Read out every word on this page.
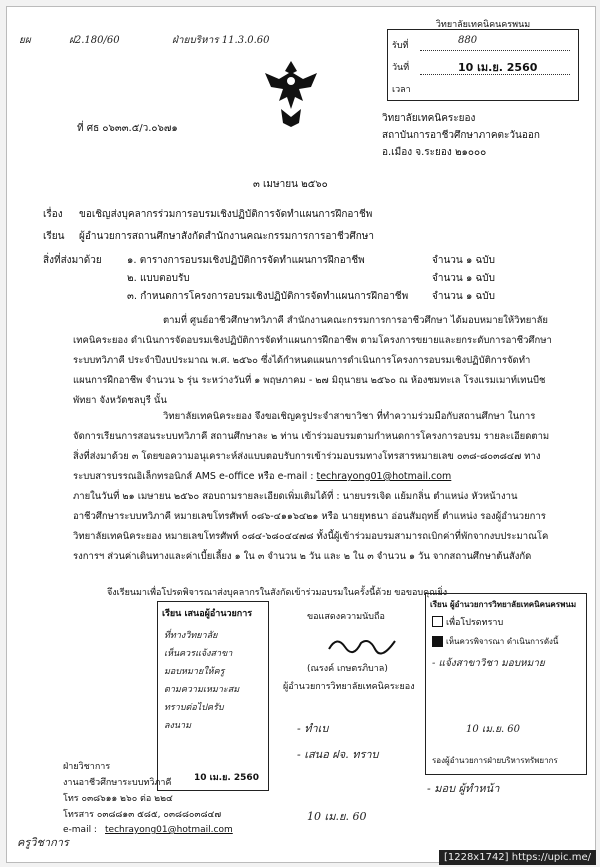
ยผ	ฝ2.180/60	ฝ่ายบริหาร 11.3.0.60
วิทยาลัยเทคนิคนครพนม
รับที่	880
วันที่	10 เม.ย. 2560
เวลา
ที่ ศธ ๐๖๓๓.๕/ว.๐๖๗๑
วิทยาลัยเทคนิคระยอง
สถาบันการอาชีวศึกษาภาคตะวันออก
อ.เมือง จ.ระยอง ๒๑๐๐๐
๓ เมษายน ๒๕๖๐
เรื่อง ขอเชิญส่งบุคลากรร่วมการอบรมเชิงปฏิบัติการจัดทำแผนการฝึกอาชีพ
เรียน ผู้อำนวยการสถานศึกษาสังกัดสำนักงานคณะกรรมการการอาชีวศึกษา
สิ่งที่ส่งมาด้วย	๑. ตารางการอบรมเชิงปฏิบัติการจัดทำแผนการฝึกอาชีพ	จำนวน ๑ ฉบับ
๒. แบบตอบรับ	จำนวน ๑ ฉบับ
๓. กำหนดการโครงการอบรมเชิงปฏิบัติการจัดทำแผนการฝึกอาชีพ จำนวน ๑ ฉบับ
ตามที่ ศูนย์อาชีวศึกษาทวิภาคี สำนักงานคณะกรรมการการอาชีวศึกษา ได้มอบหมายให้วิทยาลัยเทคนิคระยอง ดำเนินการจัดอบรมเชิงปฏิบัติการจัดทำแผนการฝึกอาชีพ ตามโครงการขยายและยกระดับการอาชีวศึกษาระบบทวิภาคี ประจำปีงบประมาณ พ.ศ. ๒๕๖๐ ซึ่งได้กำหนดแผนการดำเนินการโครงการอบรมเชิงปฏิบัติการจัดทำแผนการฝึกอาชีพ จำนวน ๖ รุ่น ระหว่างวันที่ ๑ พฤษภาคม - ๒๗ มิถุนายน ๒๕๖๐ ณ ห้องชมทะเล โรงแรมเมาท์เทนบีช พัทยา จังหวัดชลบุรี นั้น
วิทยาลัยเทคนิคระยอง จึงขอเชิญครูประจำสาขาวิชา ที่ทำความร่วมมือกับสถานศึกษา ในการจัดการเรียนการสอนระบบทวิภาคี สถานศึกษาละ ๒ ท่าน เข้าร่วมอบรมตามกำหนดการโครงการอบรม รายละเอียดตามสิ่งที่ส่งมาด้วย ๓ โดยขอความอนุเคราะห์ส่งแบบตอบรับการเข้าร่วมอบรมทางโทรสารหมายเลข ๐๓๘-๘๐๓๘๔๗ ทางระบบสารบรรณอิเล็กทรอนิกส์ AMS e-office หรือ e-mail : techrayong01@hotmail.com
ภายในวันที่ ๒๑ เมษายน ๒๕๖๐ สอบถามรายละเอียดเพิ่มเติมได้ที่ : นายบรรเจิด แย้มกลิ่น ตำแหน่ง หัวหน้างานอาชีวศึกษาระบบทวิภาคี หมายเลขโทรศัพท์ ๐๘๖-๔๑๑๖๔๒๑ หรือ นายยุทธนา อ่อนสัมฤทธิ์ ตำแหน่ง รองผู้อำนวยการวิทยาลัยเทคนิคระยอง หมายเลขโทรศัพท์ ๐๘๔-๖๘๐๔๔๗๘ ทั้งนี้ผู้เข้าร่วมอบรมสามารถเบิกค่าที่พักจากงบประมาณโครงการฯ ส่วนค่าเดินทางและค่าเบี้ยเลี้ยง ๑ ใน ๓ จำนวน ๒ วัน และ ๒ ใน ๓ จำนวน ๑ วัน จากสถานศึกษาต้นสังกัด
จึงเรียนมาเพื่อโปรดพิจารณาส่งบุคลากรในสังกัดเข้าร่วมอบรมในครั้งนี้ด้วย ขอขอบคุณยิ่ง
เรียน เสนอผู้อำนวยการ
ที่ทางวิทยาลัย
เห็นควรแจ้งสาขา
มอบหมายให้ครู
ตามความเหมาะสม
ทราบต่อไปครับ
ลงนาม
10 เม.ย. 2560
ขอแสดงความนับถือ
(ณรงค์ เกษตรภิบาล)
ผู้อำนวยการวิทยาลัยเทคนิคระยอง
เรียน ผู้อำนวยการวิทยาลัยเทคนิคนครพนม
เพื่อโปรดทราบ
เห็นควรพิจารณา ดำเนินการดังนี้
- แจ้งสาขาวิชา มอบหมาย
10 เม.ย. 60
รองผู้อำนวยการฝ่ายบริหารทรัพยากร
ฝ่ายวิชาการ
งานอาชีวศึกษาระบบทวิภาคี
โทร ๐๓๘๖๑๑ ๒๖๐ ต่อ ๒๒๔
โทรสาร ๐๓๘๘๑๓ ๕๘๕, ๐๓๘๘๐๓๘๔๗
e-mail : techrayong01@hotmail.com
- ทำเบ
- เสนอ ฝจ. ทราบ
ครูวิชาการ
10 เม.ย. 60
- มอบ ผู้ทำหน้า
[1228x1742] https://upic.me/
